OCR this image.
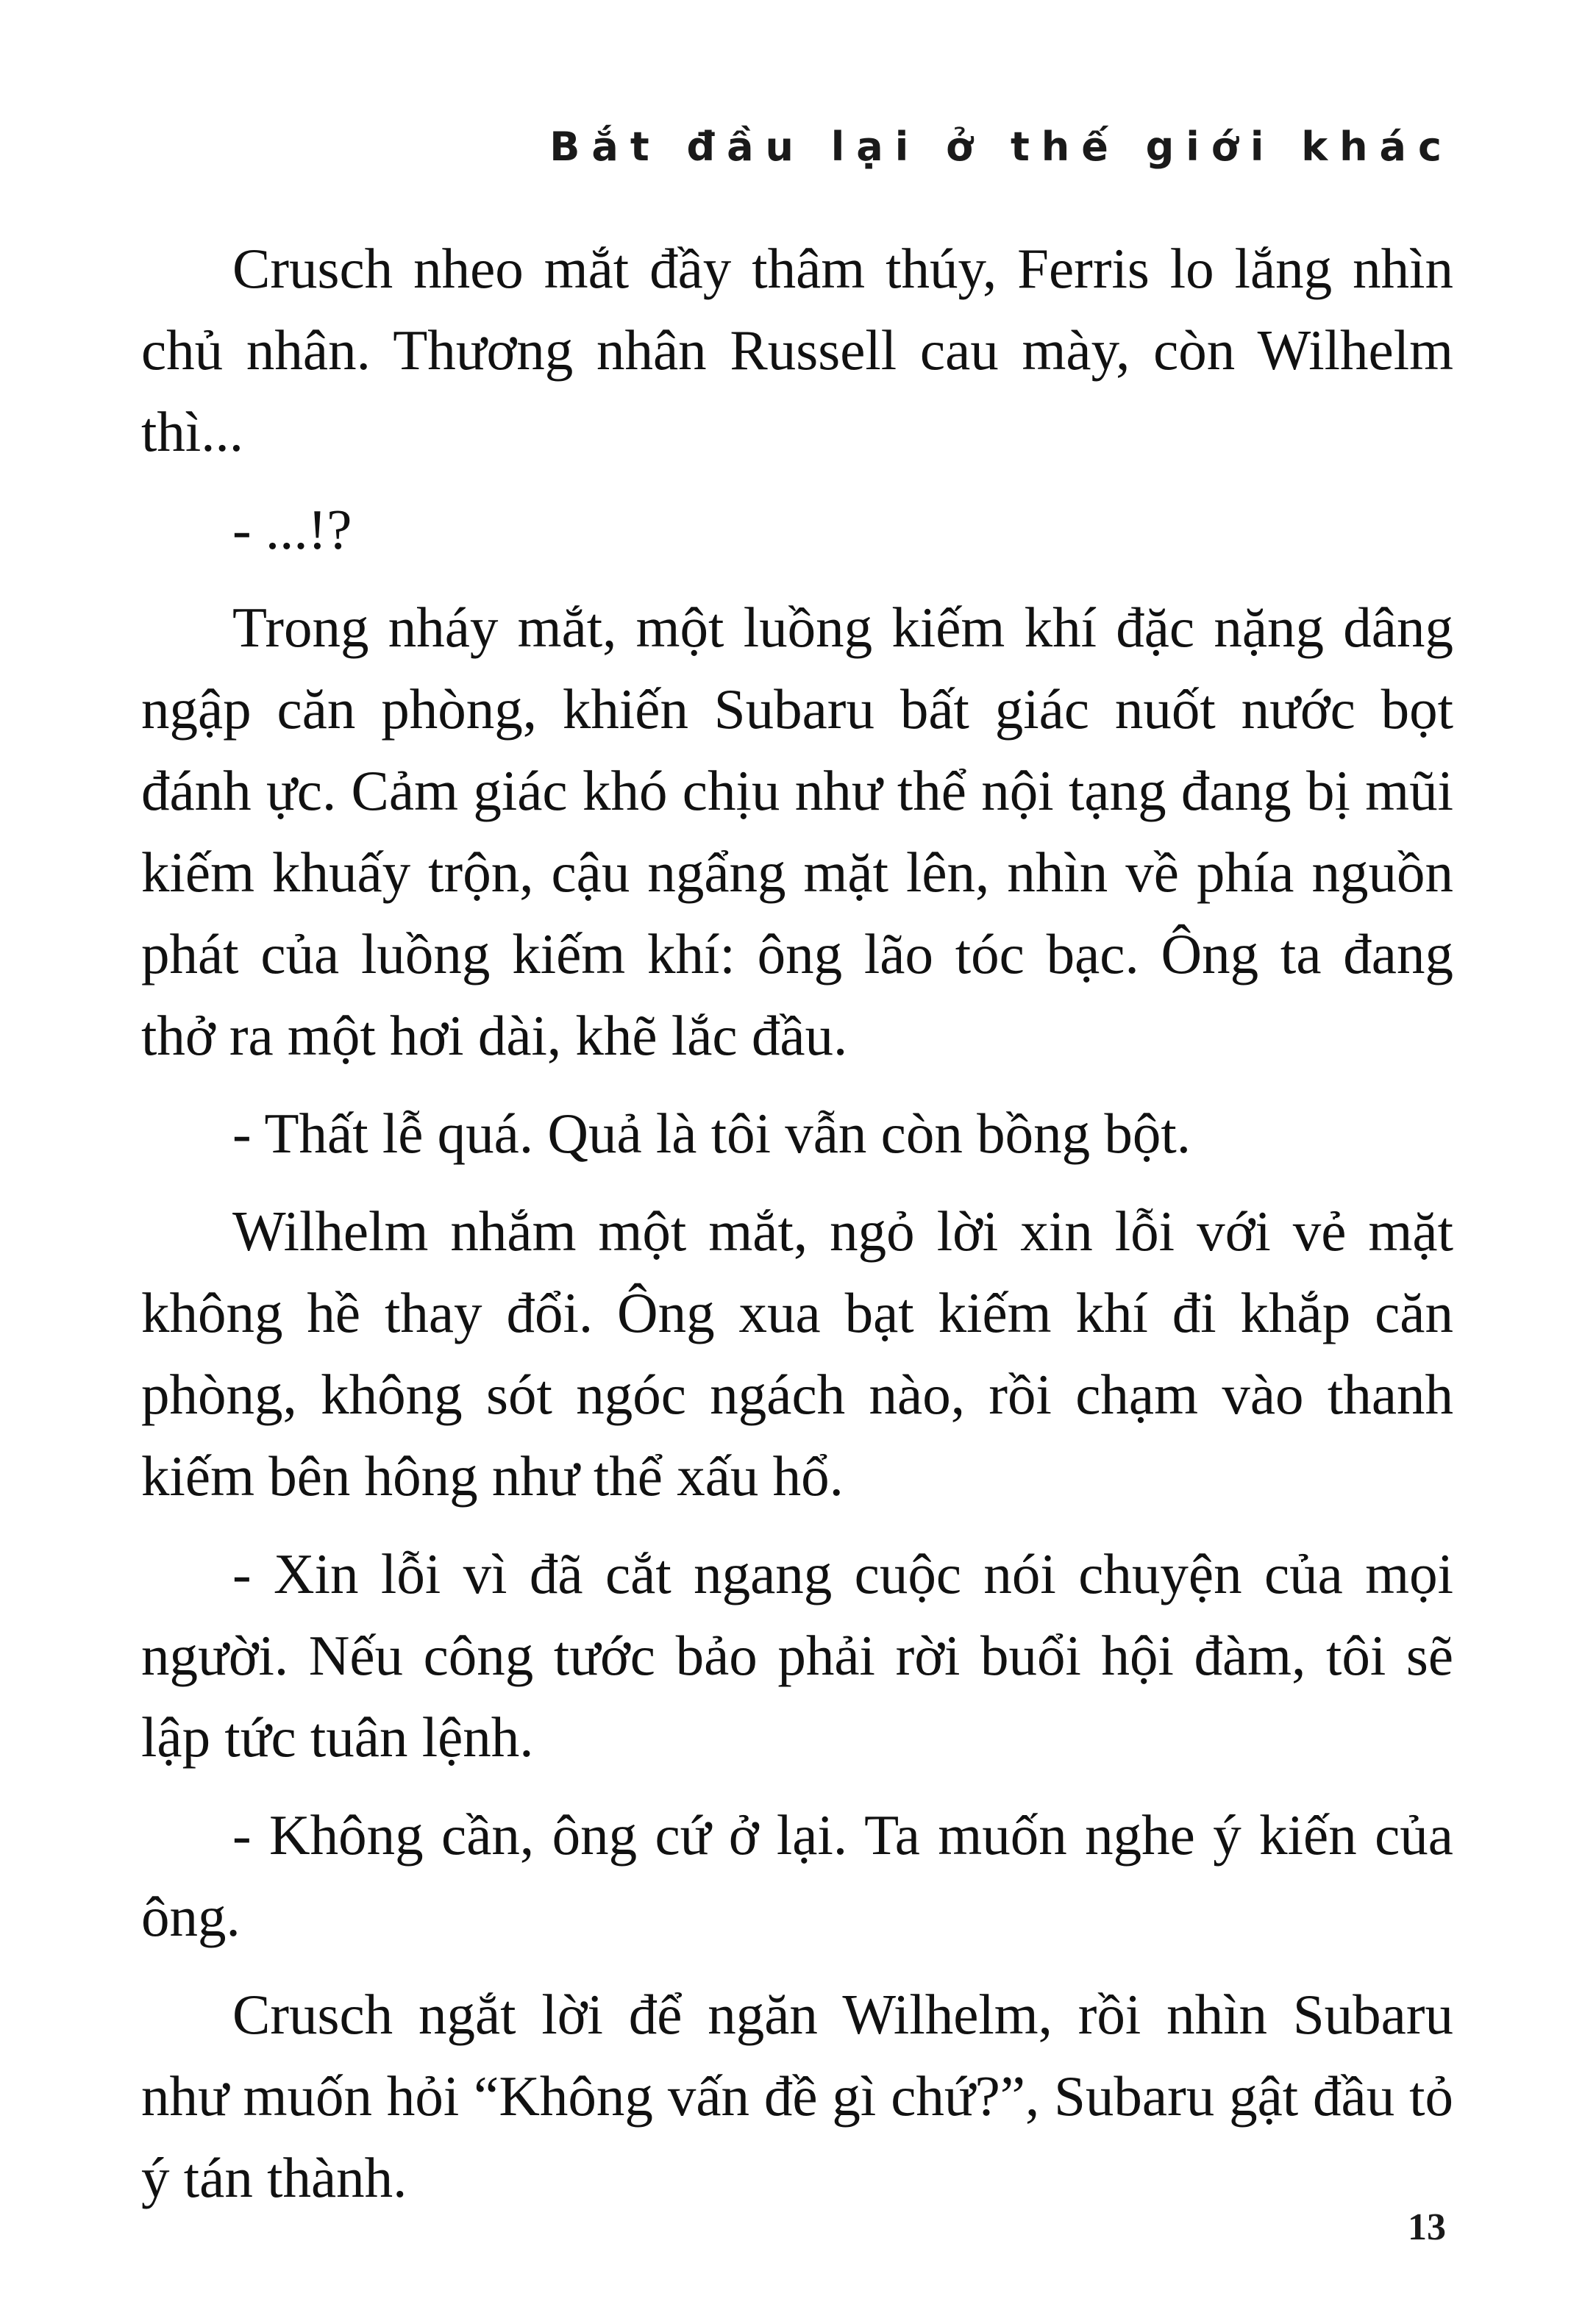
Bắt đầu lại ở thế giới khác

Crusch nheo mắt đầy thâm thúy, Ferris lo lắng nhìn chủ nhân. Thương nhân Russell cau mày, còn Wilhelm thì...

- ...!?

Trong nháy mắt, một luồng kiếm khí đặc nặng dâng ngập căn phòng, khiến Subaru bất giác nuốt nước bọt đánh ực. Cảm giác khó chịu như thể nội tạng đang bị mũi kiếm khuấy trộn, cậu ngẩng mặt lên, nhìn về phía nguồn phát của luồng kiếm khí: ông lão tóc bạc. Ông ta đang thở ra một hơi dài, khẽ lắc đầu.

- Thất lễ quá. Quả là tôi vẫn còn bồng bột.

Wilhelm nhắm một mắt, ngỏ lời xin lỗi với vẻ mặt không hề thay đổi. Ông xua bạt kiếm khí đi khắp căn phòng, không sót ngóc ngách nào, rồi chạm vào thanh kiếm bên hông như thể xấu hổ.

- Xin lỗi vì đã cắt ngang cuộc nói chuyện của mọi người. Nếu công tước bảo phải rời buổi hội đàm, tôi sẽ lập tức tuân lệnh.

- Không cần, ông cứ ở lại. Ta muốn nghe ý kiến của ông.

Crusch ngắt lời để ngăn Wilhelm, rồi nhìn Subaru như muốn hỏi “Không vấn đề gì chứ?”, Subaru gật đầu tỏ ý tán thành.

13
